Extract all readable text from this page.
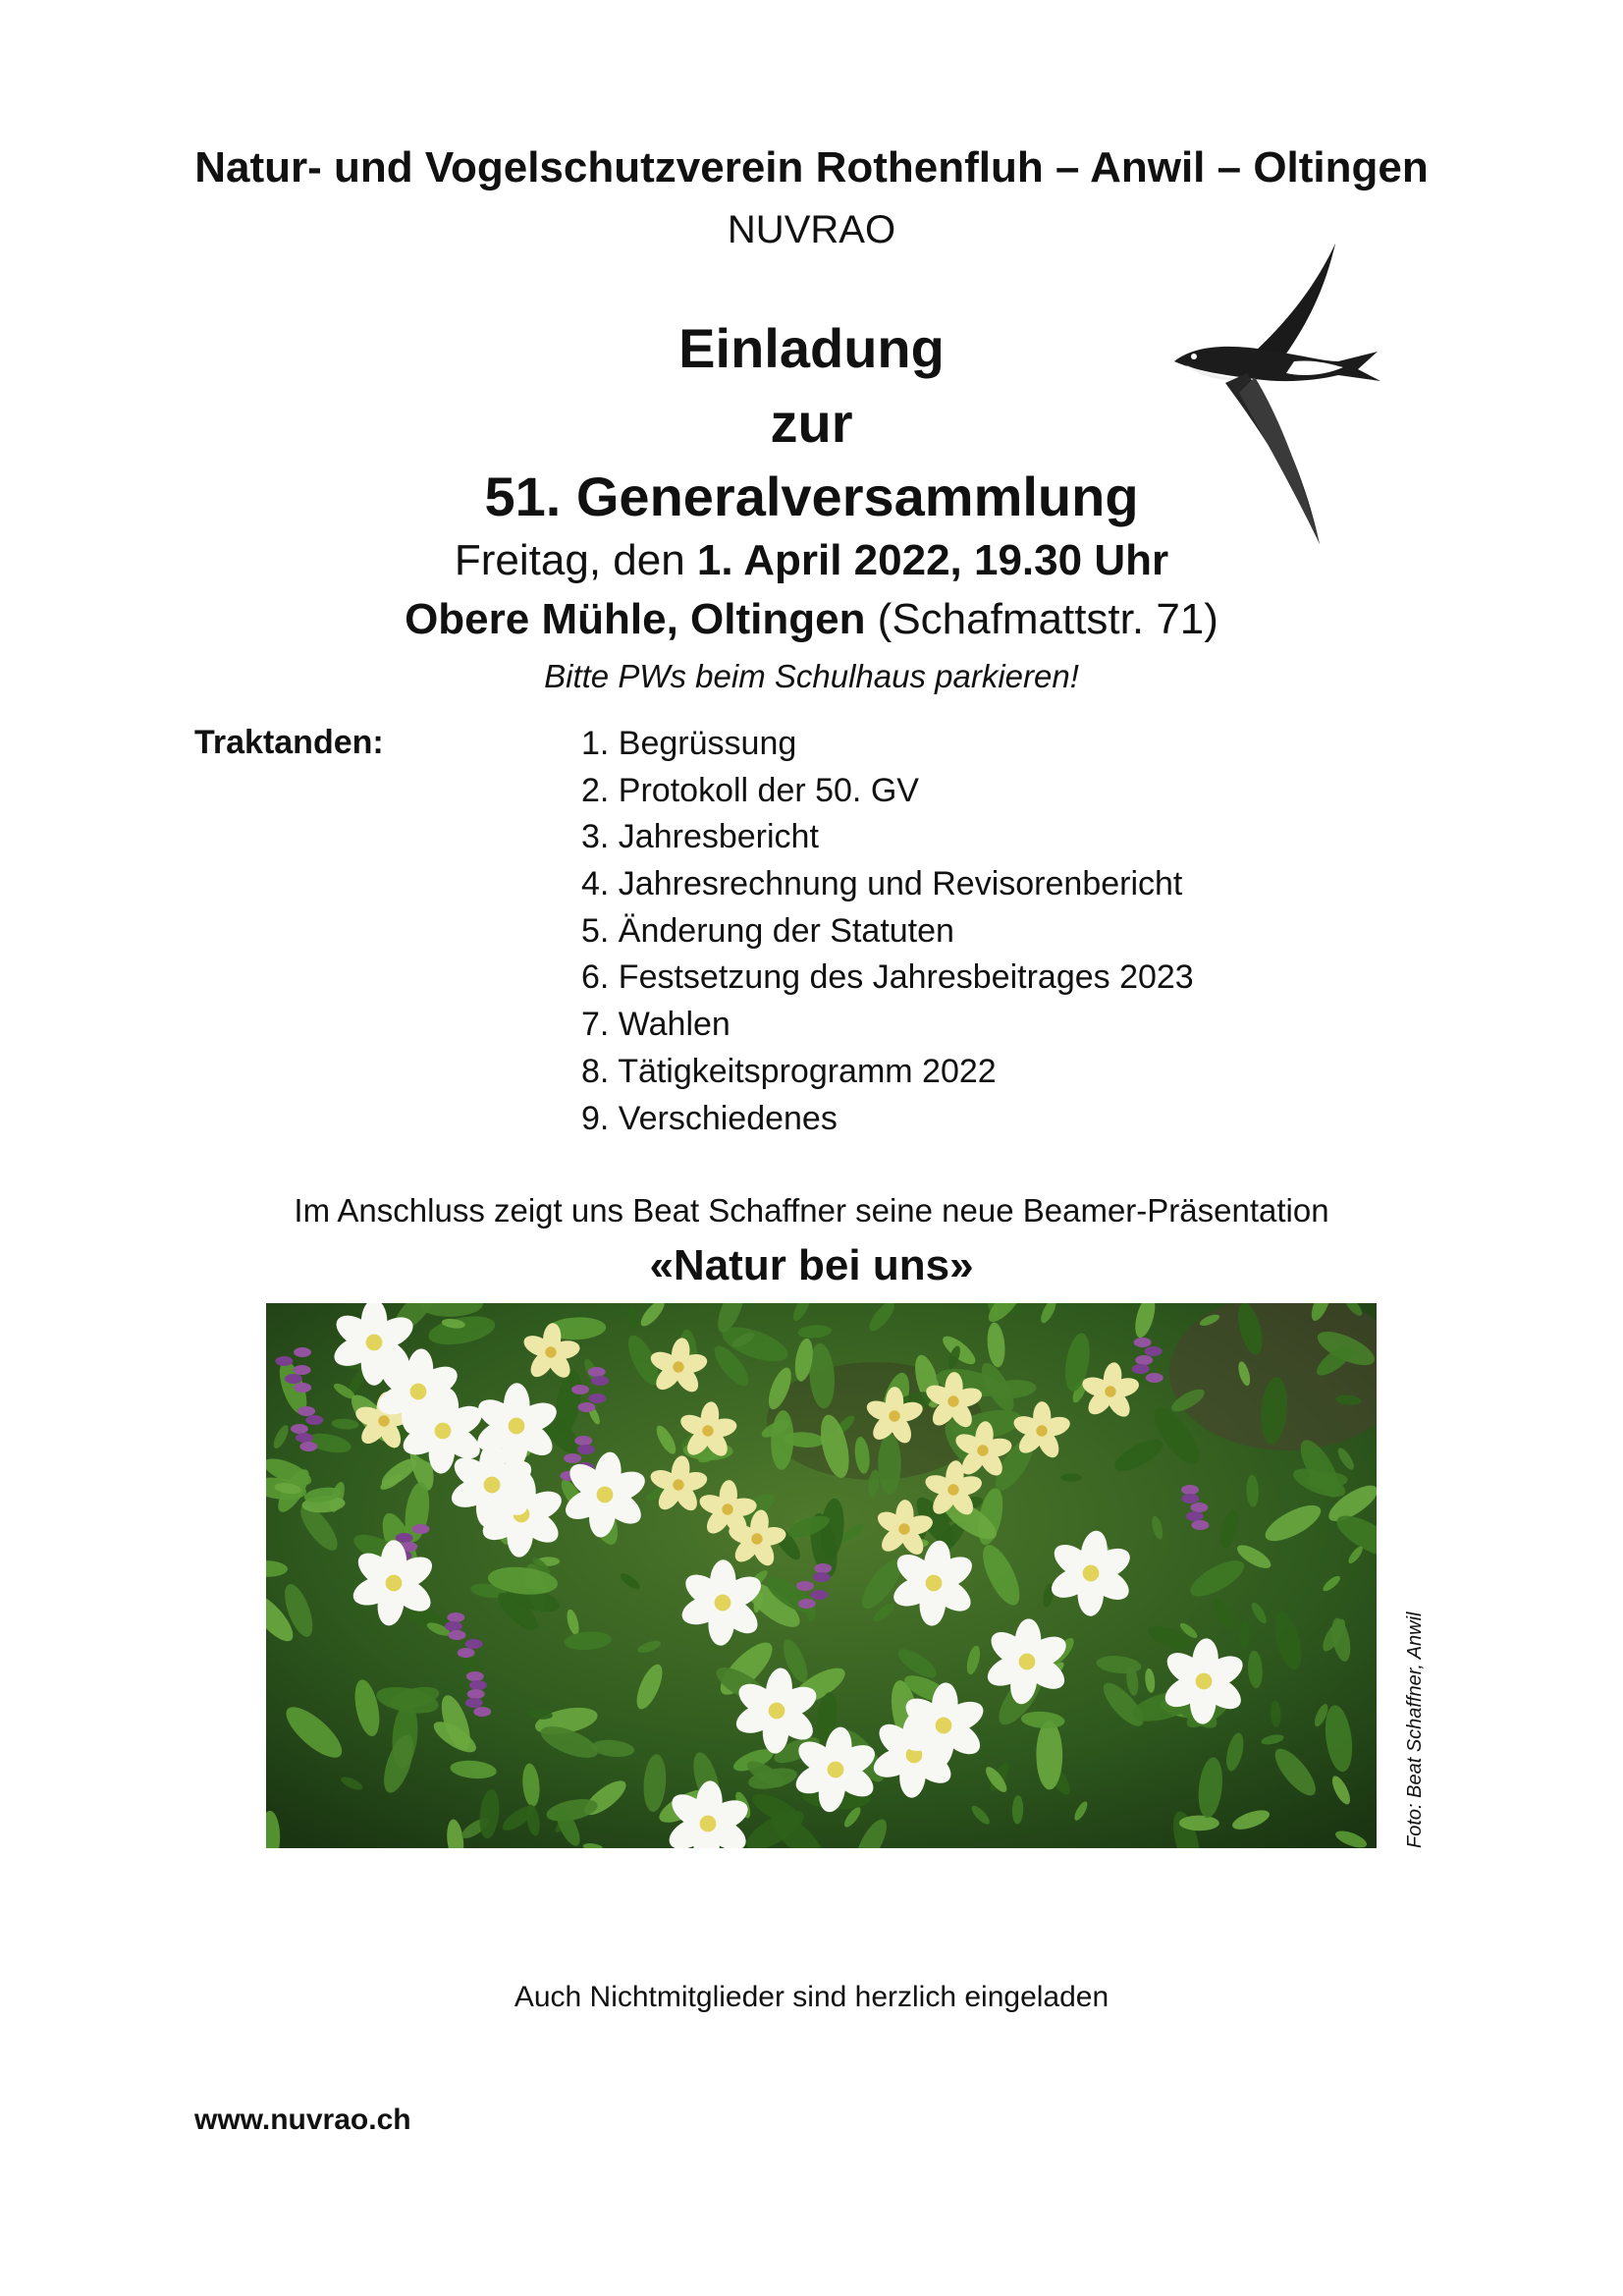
Natur- und Vogelschutzverein Rothenfluh – Anwil – Oltingen
NUVRAO
Einladung
zur
51. Generalversammlung
Freitag, den 1. April 2022, 19.30 Uhr
Obere Mühle, Oltingen (Schafmattstr. 71)
Bitte PWs beim Schulhaus parkieren!
Traktanden:	1. Begrüssung
2. Protokoll der 50. GV
3. Jahresbericht
4. Jahresrechnung und Revisorenbericht
5. Änderung der Statuten
6. Festsetzung des Jahresbeitrages 2023
7. Wahlen
8. Tätigkeitsprogramm 2022
9. Verschiedenes
Im Anschluss zeigt uns Beat Schaffner seine neue Beamer-Präsentation
«Natur bei uns»
Foto: Beat Schaffner, Anwil
Auch Nichtmitglieder sind herzlich eingeladen
www.nuvrao.ch
